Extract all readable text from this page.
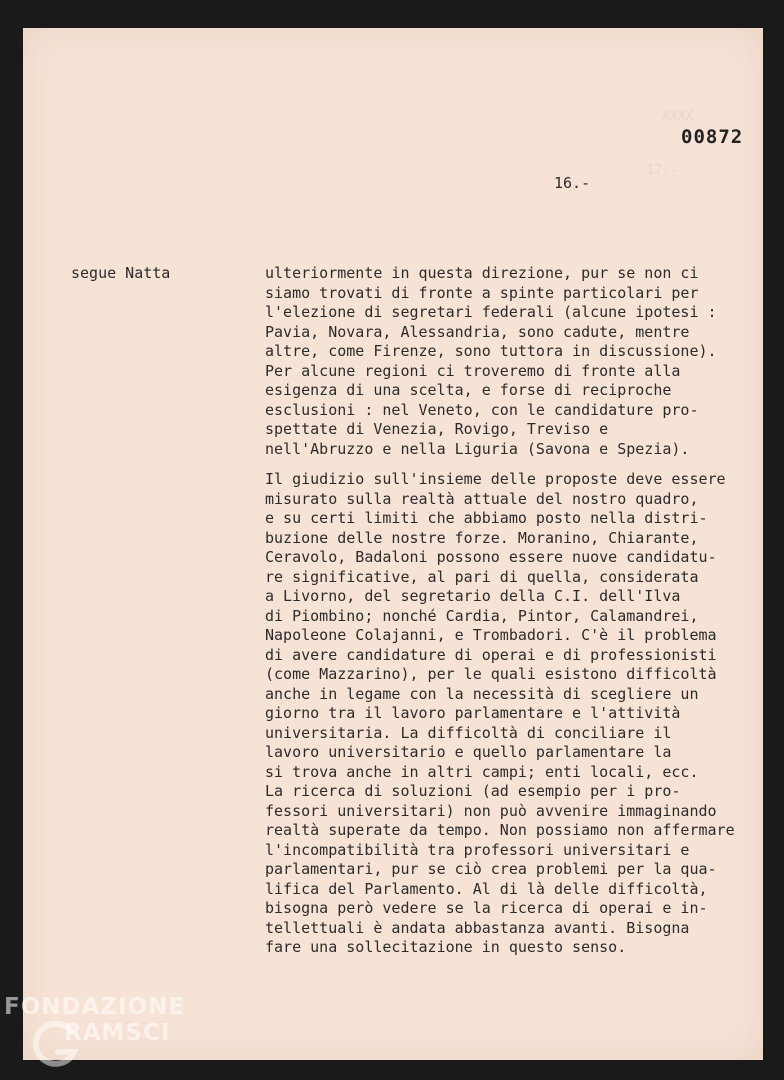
XXXX

17.-
00872
16.-
segue Natta	ulteriormente in questa direzione, pur se non ci
siamo trovati di fronte a spinte particolari per
l'elezione di segretari federali (alcune ipotesi :
Pavia, Novara, Alessandria, sono cadute, mentre
altre, come Firenze, sono tuttora in discussione).
Per alcune regioni ci troveremo di fronte alla
esigenza di una scelta, e forse di reciproche
esclusioni : nel Veneto, con le candidature pro-
spettate di Venezia, Rovigo, Treviso e
nell'Abruzzo e nella Liguria (Savona e Spezia).
Il giudizio sull'insieme delle proposte deve essere
misurato sulla realtà attuale del nostro quadro,
e su certi limiti che abbiamo posto nella distri-
buzione delle nostre forze. Moranino, Chiarante,
Ceravolo, Badaloni possono essere nuove candidatu-
re significative, al pari di quella, considerata
a Livorno, del segretario della C.I. dell'Ilva
di Piombino; nonché Cardia, Pintor, Calamandrei,
Napoleone Colajanni, e Trombadori. C'è il problema
di avere candidature di operai e di professionisti
(come Mazzarino), per le quali esistono difficoltà
anche in legame con la necessità di scegliere un
giorno tra il lavoro parlamentare e l'attività
universitaria. La difficoltà di conciliare il
lavoro universitario e quello parlamentare la
si trova anche in altri campi; enti locali, ecc.
La ricerca di soluzioni (ad esempio per i pro-
fessori universitari) non può avvenire immaginando
realtà superate da tempo. Non possiamo non affermare
l'incompatibilità tra professori universitari e
parlamentari, pur se ciò crea problemi per la qua-
lifica del Parlamento. Al di là delle difficoltà,
bisogna però vedere se la ricerca di operai e in-
tellettuali è andata abbastanza avanti. Bisogna
fare una sollecitazione in questo senso.
FONDAZIONE
RAMSCI
